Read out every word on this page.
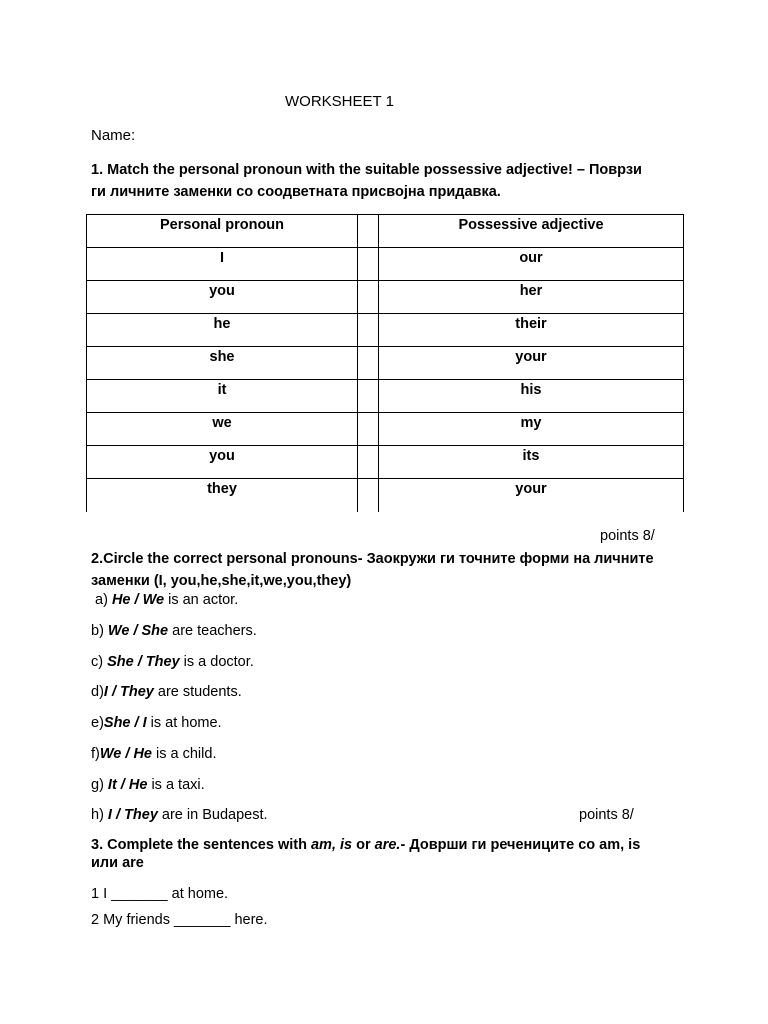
WORKSHEET 1
Name:
1. Match the personal pronoun with the suitable possessive adjective! – Поврзи
ги личните заменки со соодветната присвојна придавка.
Personal pronoun		Possessive adjective
I		our
you		her
he		their
she		your
it		his
we		my
you		its
they		your
points 8/
2.Circle the correct personal pronouns- Заокружи ги точните форми на личните
заменки (I, you,he,she,it,we,you,they)
a) He / We is an actor.
b) We / She are teachers.
c) She / They is a doctor.
d)I / They are students.
e)She / I is at home.
f)We / He is a child.
g) It / He is a taxi.
h) I / They are in Budapest.	points 8/
3. Complete the sentences with am, is or are.- Доврши ги речениците со am, is
или are
1 I _______ at home.
2 My friends _______ here.
